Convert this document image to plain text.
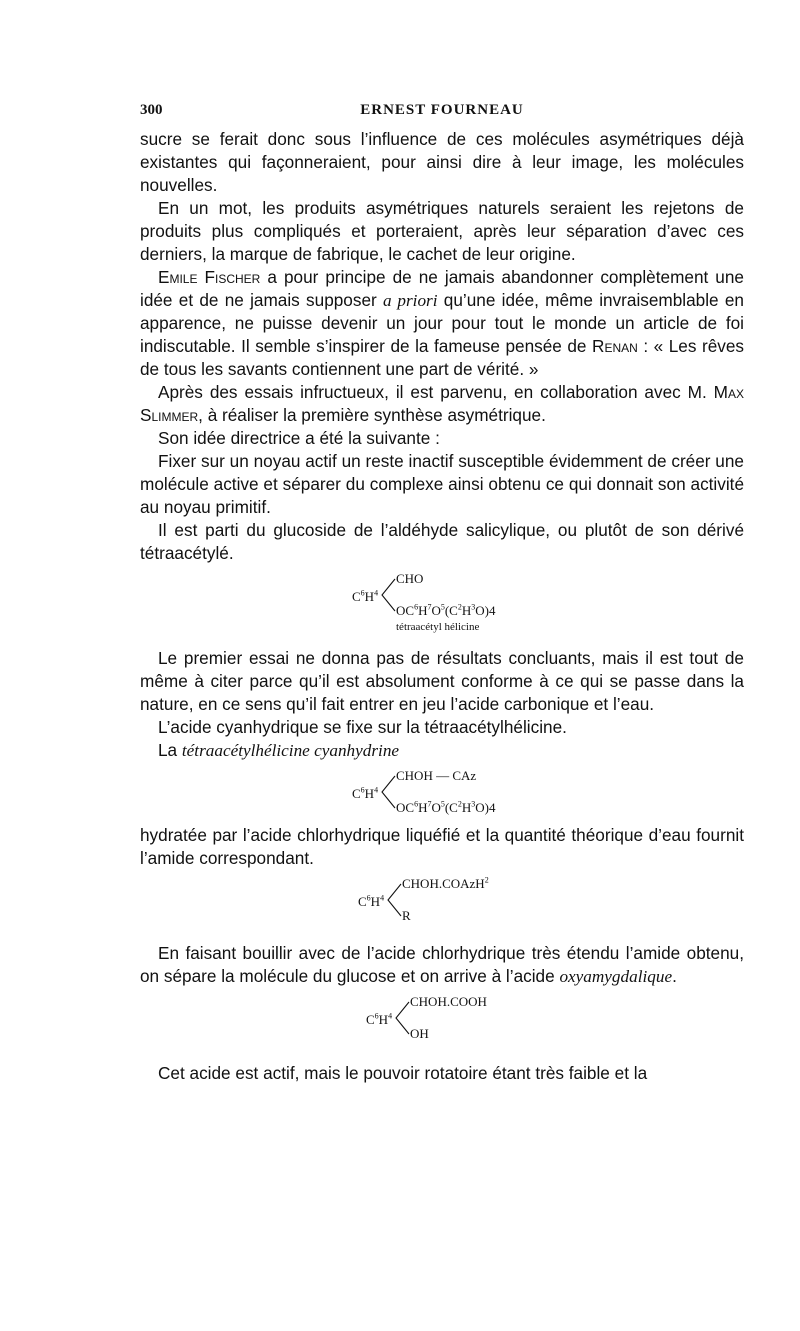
300	ERNEST FOURNEAU

sucre se ferait donc sous l’influence de ces molécules asymétriques déjà existantes qui façonneraient, pour ainsi dire à leur image, les molécules nouvelles.

En un mot, les produits asymétriques naturels seraient les rejetons de produits plus compliqués et porteraient, après leur séparation d’avec ces derniers, la marque de fabrique, le cachet de leur origine.

Emile Fischer a pour principe de ne jamais abandonner complètement une idée et de ne jamais supposer a priori qu’une idée, même invraisemblable en apparence, ne puisse devenir un jour pour tout le monde un article de foi indiscutable. Il semble s’inspirer de la fameuse pensée de Renan : « Les rêves de tous les savants contiennent une part de vérité. »

Après des essais infructueux, il est parvenu, en collaboration avec M. Max Slimmer, à réaliser la première synthèse asymétrique.

Son idée directrice a été la suivante :

Fixer sur un noyau actif un reste inactif susceptible évidemment de créer une molécule active et séparer du complexe ainsi obtenu ce qui donnait son activité au noyau primitif.

Il est parti du glucoside de l’aldéhyde salicylique, ou plutôt de son dérivé tétraacétylé.

$C^6H^4$
CHO
$OC^6H^7O^5(C^2H^3O)4$
tétraacétyl hélicine

Le premier essai ne donna pas de résultats concluants, mais il est tout de même à citer parce qu’il est absolument conforme à ce qui se passe dans la nature, en ce sens qu’il fait entrer en jeu l’acide carbonique et l’eau.

L’acide cyanhydrique se fixe sur la tétraacétylhélicine.

La tétraacétylhélicine cyanhydrine

$C^6H^4$
CHOH — CAz
$OC^6H^7O^5(C^2H^3O)4$

hydratée par l’acide chlorhydrique liquéfié et la quantité théorique d’eau fournit l’amide correspondant.

$C^6H^4$
CHOH.COAzH$^2$
R

En faisant bouillir avec de l’acide chlorhydrique très étendu l’amide obtenu, on sépare la molécule du glucose et on arrive à l’acide oxyamygdalique.

$C^6H^4$
CHOH.COOH
OH

Cet acide est actif, mais le pouvoir rotatoire étant très faible et la
